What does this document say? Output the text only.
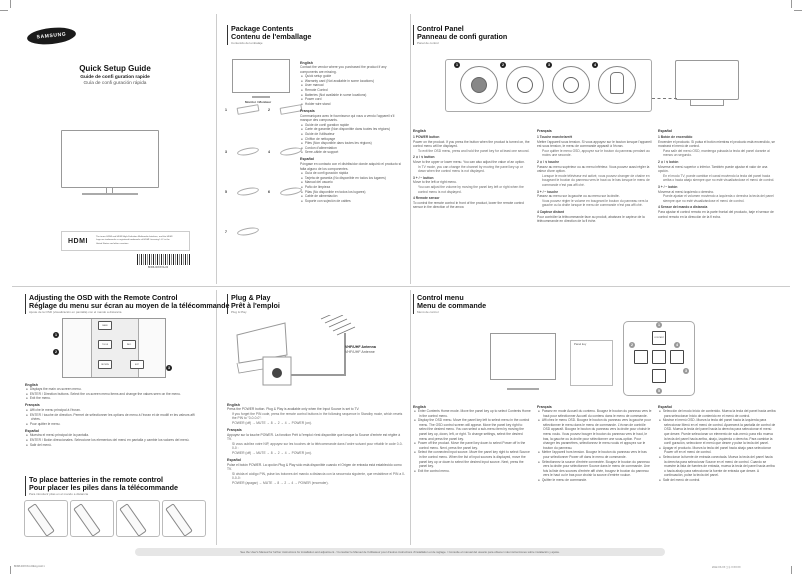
SAMSUNG
Quick Setup Guide
Guide de confi guration rapide
Guía de confi guración rápida
HDMI
The terms HDMI and HDMI High-Definition Multimedia Interface, and the HDMI Logo are trademarks or registered trademarks of HDMI Licensing LLC in the United States and other countries.
BN68-00XXXA-00
Package Contents
Contenu de l'emballage
Contenido del embalaje
Monitor / Moniteur
1	2
3	4
5	6
7
English
Contact the vendor where you purchased the product if any components are missing.
● Quick setup guide
● Warranty card (Not available in some locations)
● User manual
● Remote Control
● Batteries (Not available in some locations)
● Power cord
● Holder wire stand
Français
Communiquez avec le fournisseur qui vous a vendu l'appareil s'il manque des composants.
● Guide de confi guration rapide
● Carte de garantie (Non disponible dans toutes les régions)
● Guide de l'utilisateur
● Chiffon de nettoyage
● Piles (Non disponible dans toutes les régions)
● Cordon d'alimentation
● Serre-câble de support
Español
Póngase en contacto con el distribuidor donde adquirió el producto si falta alguno de los componentes.
● Guía de confi guración rápida
● Tarjeta de garantía (No disponible en todos los lugares)
● Manual del usuario
● Paño de limpieza
● Pilas (No disponible en todos los lugares)
● Cable de alimentación
● Soporte con sujeción de cables
Control Panel
Panneau de confi guration
Panel de control
1	2	3	4
English
1 POWER button
Power on the product. If you press the button when the product is turned on, the control menu will be displayed.
To exit the OSD menu, press and hold the panel key for at least one second.
2 ∧ / ∨ button
Move to the upper or lower menu. You can also adjust the value of an option.
In TV mode, you can change the channel by moving the panel key up or down when the control menu is not displayed.
3 + / − button
Move to the left or right menu.
You can adjust the volume by moving the panel key left or right when the control menu is not displayed.
4 Remote sensor
To control the remote control in front of the product, lower the remote control sensor in the direction of the arrow.
Français
1 Touche marche/arrêt
Mettre l'appareil sous tension. Si vous appuyez sur le bouton lorsque l'appareil est sous tension, le menu de commande apparaît à l'écran.
Pour quitter le menu OSD, appuyez sur le bouton du panneau pendant au moins une seconde.
2 ∧ / ∨ touche
Passez au menu supérieur ou au menu inférieur. Vous pouvez aussi régler la valeur d'une option.
Lorsque le mode téléviseur est activé, vous pouvez changer de chaîne en bougeant le bouton du panneau vers le haut ou le bas lorsque le menu de commande n'est pas affi ché.
3 + / − touche
Passez au menu sur la gauche ou au menu sur la droite.
Vous pouvez régler le volume en bougeant le bouton du panneau vers la gauche ou la droite lorsque le menu de commande n'est pas affi ché.
4 Capteur distant
Pour contrôler la télécommande face au produit, abaissez le capteur de la télécommande en direction de la fl èche.
Español
1 Botón de encendido
Encender el producto. Si pulsa el botón mientras el producto está encendido, se mostrará el menú de control.
Para salir del menú OSD, mantenga pulsada la tecla del panel durante al menos un segundo.
2 ∧ / ∨ botón
Moverse al menú superior o inferior. También puede ajustar el valor de una opción.
En el modo TV, puede cambiar el canal moviendo la tecla del panel hacia arriba o hacia abajo siempre que no esté visualizándose el menú de control.
3 + / − botón
Moverse al menú izquierdo o derecho.
Puede ajustar el volumen moviendo a izquierda o derecha la tecla del panel siempre que no esté visualizándose el menú de control.
4 Sensor del mando a distancia
Para ajustar el control remoto en la parte frontal del producto, baje el sensor de control remoto en la dirección de la fl echa.
Adjusting the OSD with the Remote Control
Réglage du menu sur écran au moyen de la télécommande
Ajuste de la OSD (visualización en pantalla) con el mando a distancia
MENU
TOOLS	INFO
RETURN	EXIT
1
2
3
English
● Displays the main on-screen menu.
● ENTER / Direction buttons. Select the on-screen menu items and change the values seen on the menu.
● Exit the menu.
Français
● Affi che le menu principal à l'écran.
● ENTER / touche de direction. Permet de sélectionner les options de menu à l'écran et de modifi er les valeurs affi chées.
● Pour quitter le menu.
Español
● Muestra el menú principal de la pantalla.
● ENTER / Botón direccionales. Seleccione los elementos del menú en pantalla y cambie los valores del menú.
● Salir del menú.
To place batteries in the remote control
Pour placer les piles dans la télécommande
Para introducir pilas en el mando a distancia
Plug & Play
Prêt à l'emploi
Plug & Play
VHF/UHF Antenna
VHF/UHF Antenne
English
Press the POWER button. Plug & Play is available only when the Input Source is set to TV.
If you forget the PIN code, press the remote control buttons in the following sequence in Standby mode, which resets the PIN to "0-0-0-0":
POWER (off) → MUTE → 8 → 2 → 4 → POWER (on).
Français
Appuyez sur la touche POWER. La fonction Prêt à l'emploi n'est disponible que lorsque la Source d'entrée est réglée à TV.
Si vous oubliez votre NIP, appuyez sur les touches de la télécommande dans l'ordre suivant pour rétablir le code 0-0-0-0 :
POWER (off) → MUTE → 8 → 2 → 4 → POWER (on).
Español
Pulse el botón POWER. La opción Plug & Play sólo está disponible cuando el Origen de entrada está establecido como TV.
Si olvida el código PIN, pulse los botones del mando a distancia con la secuencia siguiente, que restablece el PIN a 0-0-0-0:
POWER (apagar) → MUTE → 8 → 2 → 4 → POWER (encender).
Control menu
Menu de commande
Menú de control
Panel key
CONTENT
1
2
3
4
5
English
● Enter Contents Home mode. Move the panel key up to select Contents Home in the control menu.
● Display the OSD menu. Move the panel key left to select menu in the control menu. The OSD control screen will appear. Move the panel key right to select the desired menu. You can select a sub-menu item by moving the panel key up, down, left, or right. To change settings, select the desired menu and press the panel key.
● Power off the product. Move the panel key down to select Power off in the control menu. Next, press the panel key.
● Select the connected input source. Move the panel key right to select Source in the control menu. When the list of input sources is displayed, move the panel key up or down to select the desired input source. Next, press the panel key.
● Exit the control menu.
Français
● Passez en mode Accueil du contenu. Bougez le bouton du panneau vers le haut pour sélectionner Accueil du contenu dans le menu de commande.
● Affi chez le menu OSD. Bougez le bouton du panneau vers la gauche pour sélectionner le menu dans le menu de commande. L'écran de contrôle OSD apparaît. Bougez le bouton du panneau vers la droite pour choisir le menu voulu. Vous pouvez bouger le bouton du panneau vers le haut, le bas, la gauche ou la droite pour sélectionner une sous-option. Pour changer les paramètres, sélectionnez le menu voulu et appuyez sur le bouton du panneau.
● Mettre l'appareil hors tension. Bougez le bouton du panneau vers le bas pour sélectionner Power off dans le menu de commande.
● Sélectionnez la source d'entrée connectée. Bougez le bouton du panneau vers la droite pour sélectionner Source dans le menu de commande. Une fois la liste des sources d'entrée affi chée, bougez le bouton du panneau vers le haut ou le bas pour choisir la source d'entrée voulue.
● Quitter le menu de commande.
Español
● Selección del modo Inicio de contenido. Mueva la tecla del panel hacia arriba para seleccionar Inicio de contenido en el menú de control.
● Mostrar el menú OSD. Mueva la tecla del panel hacia la izquierda para seleccionar Menú en el menú de control. Aparecerá la pantalla de control de OSD. Mueva la tecla del panel hacia la derecha para seleccionar el menú que desee. Puede seleccionar un elemento de sub-menú; para ello mueva la tecla del panel hacia arriba, abajo, izquierda o derecha. Para cambiar la confi guración, seleccione el menú que desee y pulse la tecla del panel.
● Apagar el producto. Mueva la tecla del panel hacia abajo para seleccionar Power off en el menú de control.
● Seleccionar la fuente de entrada conectada. Mueva la tecla del panel hacia la derecha para seleccionar Source en el menú de control. Cuando se muestre la lista de fuentes de entrada, mueva la tecla del panel hacia arriba o hacia abajo para seleccionar la fuente de entrada que desee. A continuación, pulse la tecla del panel.
● Salir del menú de control.
See the User's Manual for further instructions for installation and adjustment. / Consultez le Manuel de l'utilisateur pour d'autres instructions d'installation et de réglage. / Consulte el manual del usuario para obtener más instrucciones sobre instalación y ajuste.
BN68-00XXXA-00Eng.indd 1	2012-XX-XX 오후 X:XX:XX
